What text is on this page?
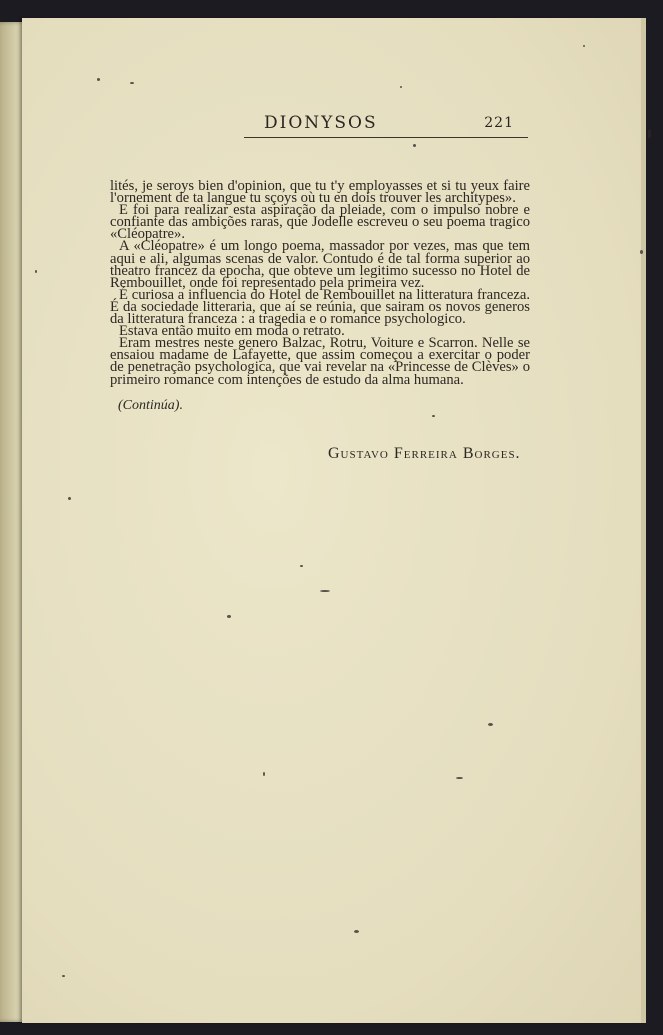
DIONYSOS	221

lités, je seroys bien d'opinion, que tu t'y employasses et si tu yeux faire l'ornement de ta langue tu sçoys où tu en dois trouver les architypes».

E foi para realizar esta aspiração da pleiade, com o impulso nobre e confiante das ambições raras, que Jodelle escreveu o seu poema tragico «Cléopatre».

A «Cléopatre» é um longo poema, massador por vezes, mas que tem aqui e ali, algumas scenas de valor. Contudo é de tal forma superior ao theatro francez da epocha, que obteve um legitimo sucesso no Hotel de Rembouillet, onde foi representado pela primeira vez.

É curiosa a influencia do Hotel de Rembouillet na litteratura franceza. É da sociedade litteraria, que aí se reúnia, que sairam os novos generos da litteratura franceza : a tragedia e o romance psychologico.

Estava então muito em moda o retrato.

Eram mestres neste genero Balzac, Rotru, Voiture e Scarron. Nelle se ensaiou madame de Lafayette, que assim começou a exercitar o poder de penetração psychologica, que vai revelar na «Princesse de Clèves» o primeiro romance com intenções de estudo da alma humana.

(Continúa).
Gustavo Ferreira Borges.
